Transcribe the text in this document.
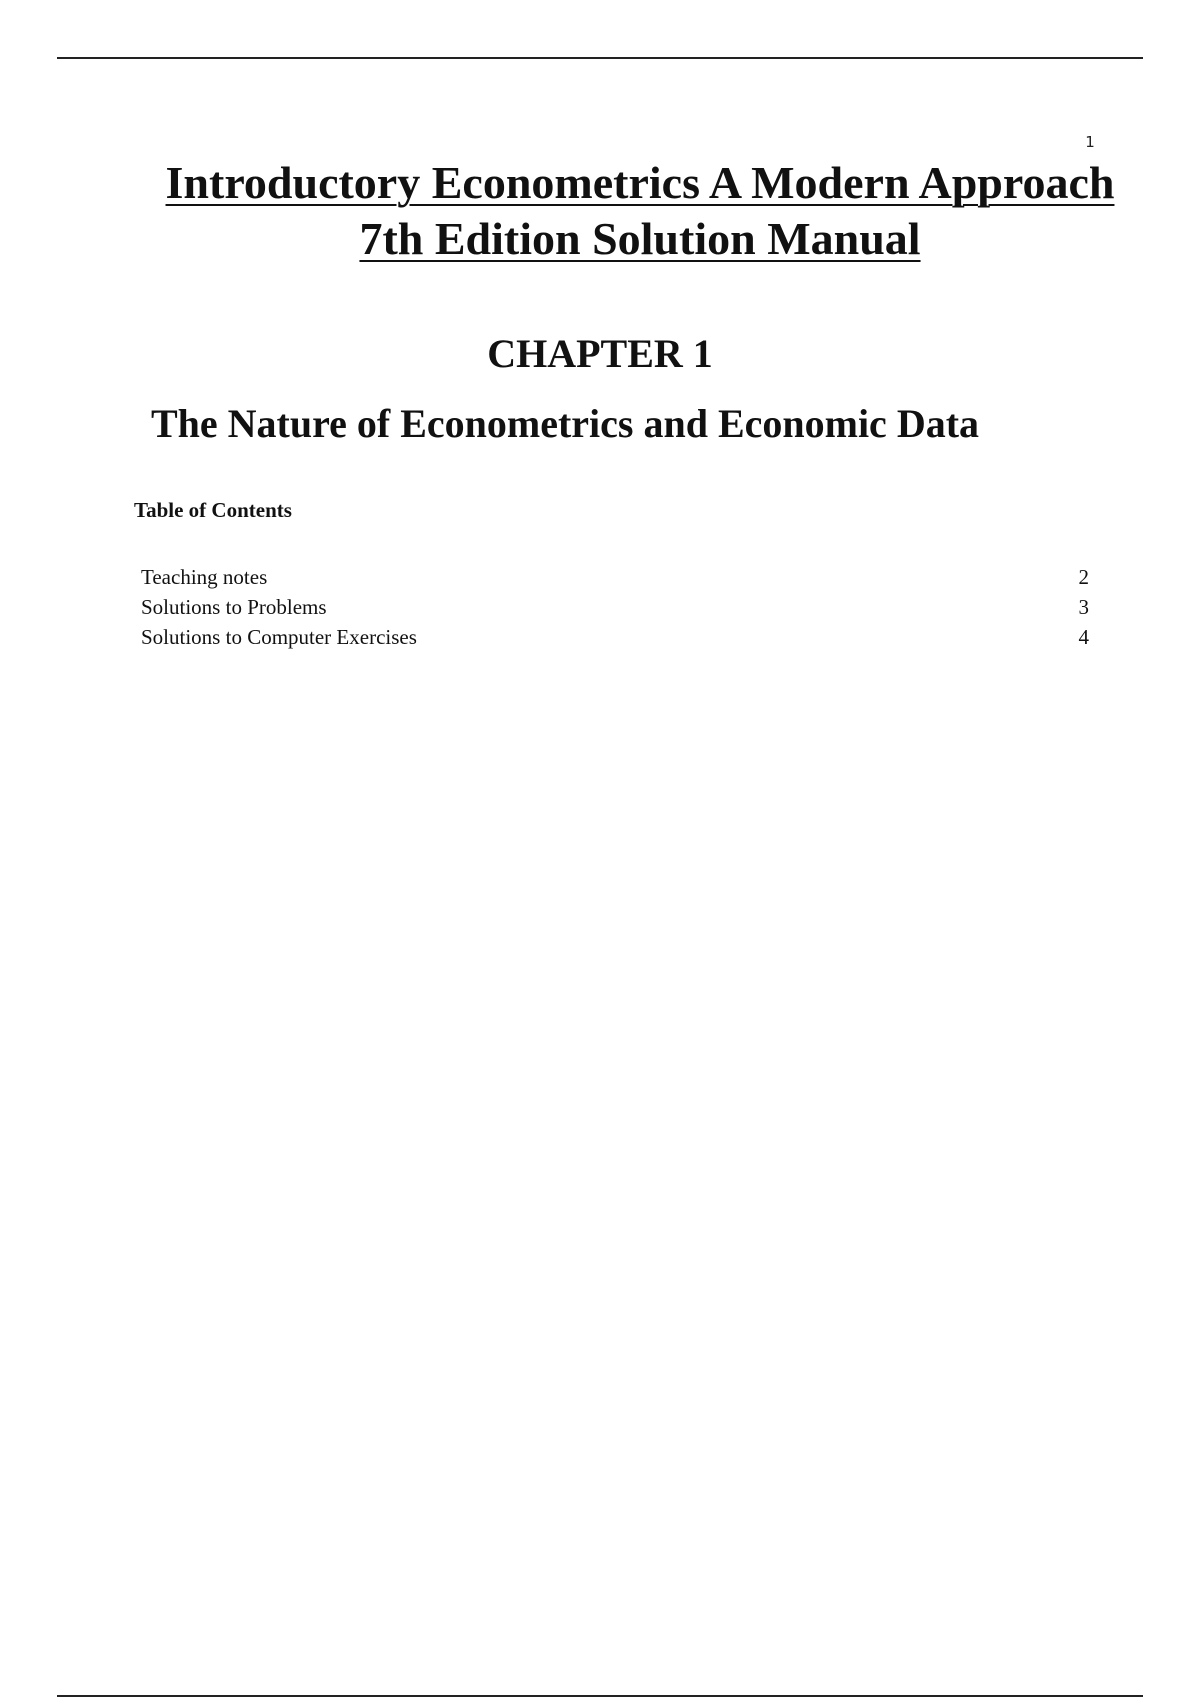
1
Introductory Econometrics A Modern Approach
7th Edition Solution Manual
CHAPTER 1
The Nature of Econometrics and Economic Data
Table of Contents
Teaching notes	2
Solutions to Problems	3
Solutions to Computer Exercises	4
